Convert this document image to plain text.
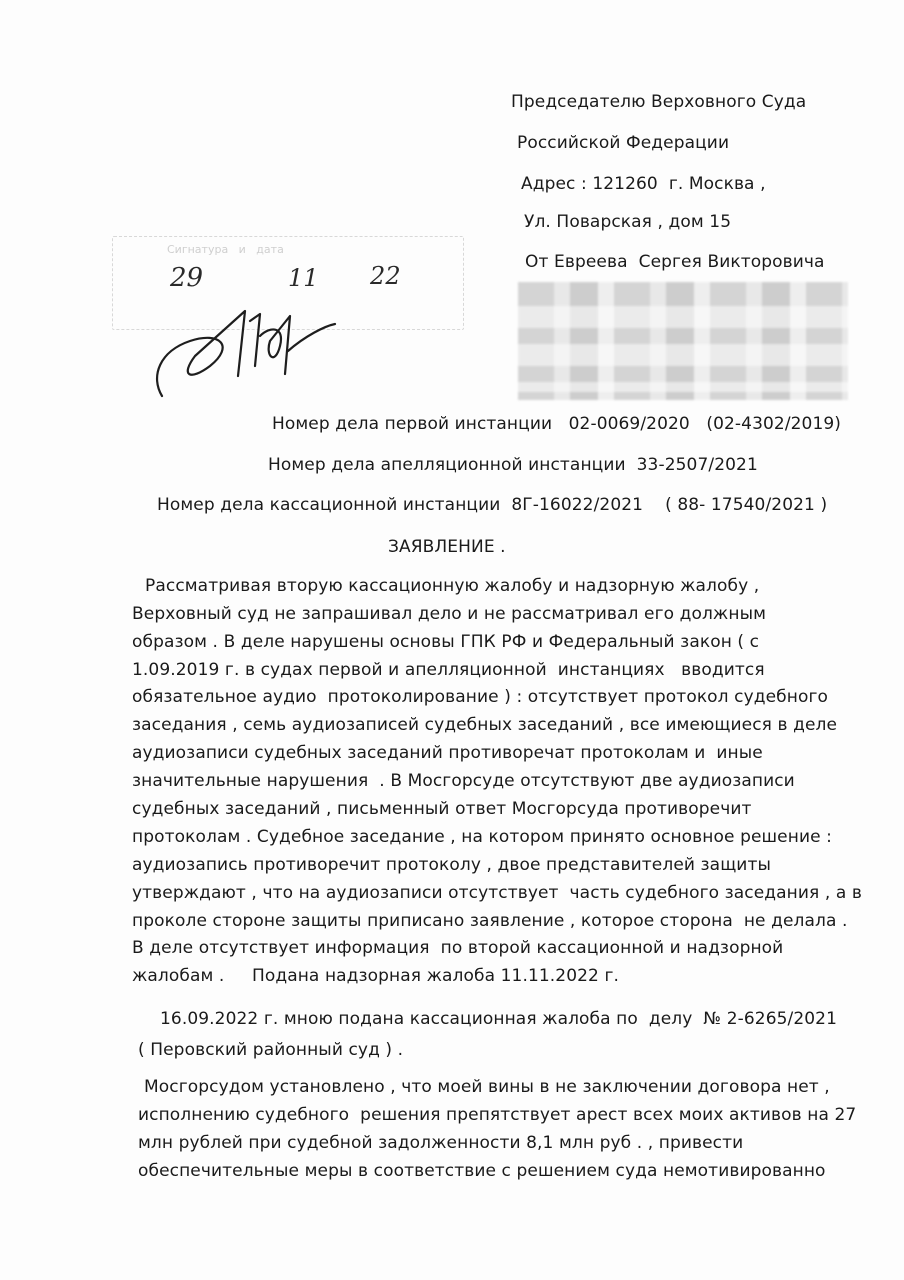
Председателю Верховного Суда
Российской Федерации
Адрес : 121260  г. Москва ,
Ул. Поварская , дом 15
От Евреева  Сергея Викторовича
Сигнатура   и   дата
29	11 22
Номер дела первой инстанции   02-0069/2020   (02-4302/2019)
Номер дела апелляционной инстанции  33-2507/2021
Номер дела кассационной инстанции  8Г-16022/2021    ( 88- 17540/2021 )
ЗАЯВЛЕНИЕ .
Рассматривая вторую кассационную жалобу и надзорную жалобу ,
Верховный суд не запрашивал дело и не рассматривал его должным
образом . В деле нарушены основы ГПК РФ и Федеральный закон ( с
1.09.2019 г. в судах первой и апелляционной  инстанциях   вводится
обязательное аудио  протоколирование ) : отсутствует протокол судебного
заседания , семь аудиозаписей судебных заседаний , все имеющиеся в деле
аудиозаписи судебных заседаний противоречат протоколам и  иные
значительные нарушения  . В Мосгорсуде отсутствуют две аудиозаписи
судебных заседаний , письменный ответ Мосгорсуда противоречит
протоколам . Судебное заседание , на котором принято основное решение :
аудиозапись противоречит протоколу , двое представителей защиты
утверждают , что на аудиозаписи отсутствует  часть судебного заседания , а в
проколе стороне защиты приписано заявление , которое сторона  не делала .
В деле отсутствует информация  по второй кассационной и надзорной
жалобам .     Подана надзорная жалоба 11.11.2022 г.
16.09.2022 г. мною подана кассационная жалоба по  делу  № 2-6265/2021
( Перовский районный суд ) .
Мосгорсудом установлено , что моей вины в не заключении договора нет ,
исполнению судебного  решения препятствует арест всех моих активов на 27
млн рублей при судебной задолженности 8,1 млн руб . , привести
обеспечительные меры в соответствие с решением суда немотивированно
